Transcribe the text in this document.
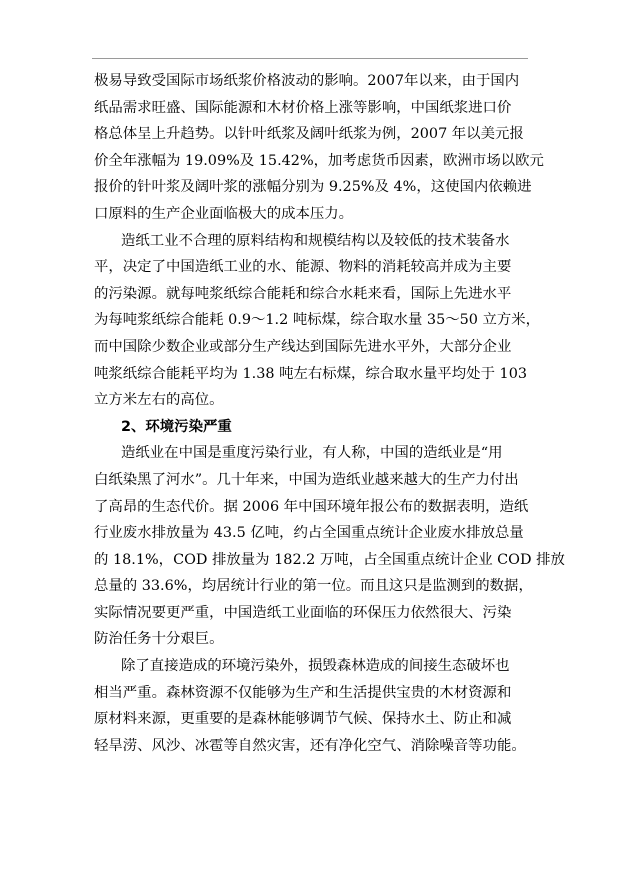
极易导致受国际市场纸浆价格波动的影响。2007年以来，由于国内
纸品需求旺盛、国际能源和木材价格上涨等影响，中国纸浆进口价
格总体呈上升趋势。以针叶纸浆及阔叶纸浆为例，2007 年以美元报
价全年涨幅为 19.09%及 15.42%，加考虑货币因素，欧洲市场以欧元
报价的针叶浆及阔叶浆的涨幅分别为 9.25%及 4%，这使国内依赖进
口原料的生产企业面临极大的成本压力。
造纸工业不合理的原料结构和规模结构以及较低的技术装备水
平，决定了中国造纸工业的水、能源、物料的消耗较高并成为主要
的污染源。就每吨浆纸综合能耗和综合水耗来看，国际上先进水平
为每吨浆纸综合能耗 0.9～1.2 吨标煤，综合取水量 35～50 立方米，
而中国除少数企业或部分生产线达到国际先进水平外，大部分企业
吨浆纸综合能耗平均为 1.38 吨左右标煤，综合取水量平均处于 103
立方米左右的高位。
2、环境污染严重
造纸业在中国是重度污染行业，有人称，中国的造纸业是“用
白纸染黑了河水”。几十年来，中国为造纸业越来越大的生产力付出
了高昂的生态代价。据 2006 年中国环境年报公布的数据表明，造纸
行业废水排放量为 43.5 亿吨，约占全国重点统计企业废水排放总量
的 18.1%，COD 排放量为 182.2 万吨，占全国重点统计企业 COD 排放
总量的 33.6%，均居统计行业的第一位。而且这只是监测到的数据，
实际情况要更严重，中国造纸工业面临的环保压力依然很大、污染
防治任务十分艰巨。
除了直接造成的环境污染外，损毁森林造成的间接生态破坏也
相当严重。森林资源不仅能够为生产和生活提供宝贵的木材资源和
原材料来源，更重要的是森林能够调节气候、保持水土、防止和减
轻旱涝、风沙、冰雹等自然灾害，还有净化空气、消除噪音等功能。
